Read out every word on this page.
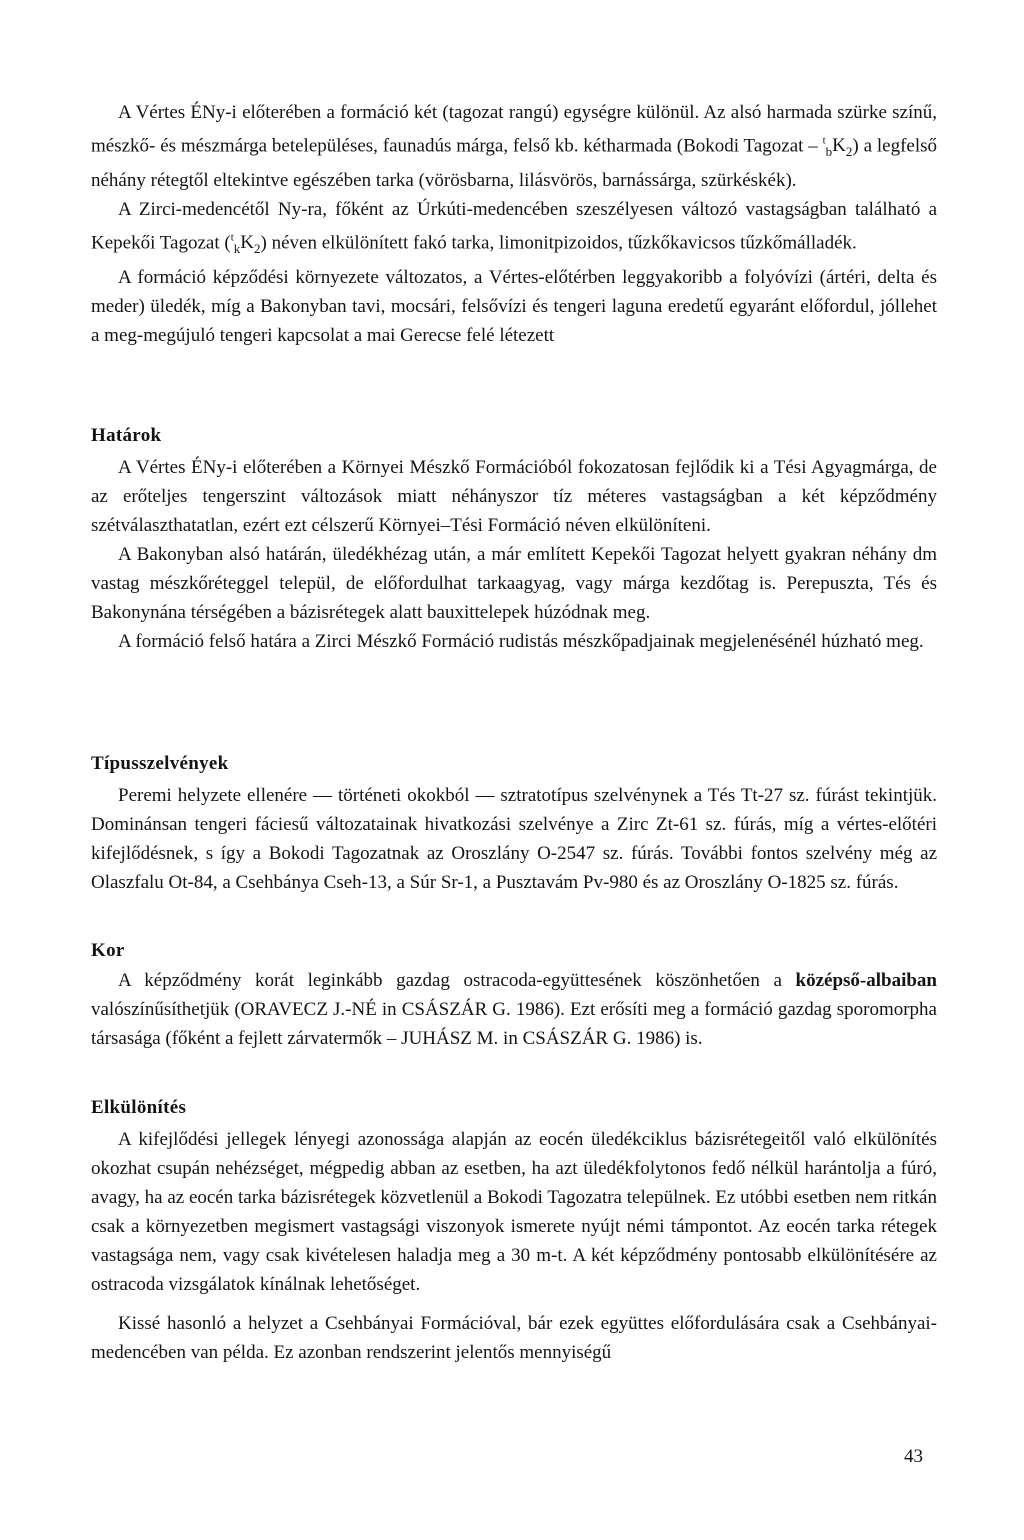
A Vértes ÉNy-i előterében a formáció két (tagozat rangú) egységre különül. Az alsó harmada szürke színű, mészkő- és mészmárga betelepüléses, faunadús márga, felső kb. kétharmada (Bokodi Tagozat – $^t_bK_2$) a legfelső néhány rétegtől eltekintve egészében tarka (vörösbarna, lilásvörös, barnássárga, szürkéskék).

A Zirci-medencétől Ny-ra, főként az Úrkúti-medencében szeszélyesen változó vastagságban található a Kepekői Tagozat $(^t_kK_2)$ néven elkülönített fakó tarka, limonitpizoidos, tűzkőkavicsos tűzkőmálladék.

A formáció képződési környezete változatos, a Vértes-előtérben leggyakoribb a folyóvízi (ártéri, delta és meder) üledék, míg a Bakonyban tavi, mocsári, felsővízi és tengeri laguna eredetű egyaránt előfordul, jóllehet a meg-megújuló tengeri kapcsolat a mai Gerecse felé létezett

Határok

A Vértes ÉNy-i előterében a Környei Mészkő Formációból fokozatosan fejlődik ki a Tési Agyagmárga, de az erőteljes tengerszint változások miatt néhányszor tíz méteres vastagságban a két képződmény szétválaszthatatlan, ezért ezt célszerű Környei–Tési Formáció néven elkülöníteni.

A Bakonyban alsó határán, üledékhézag után, a már említett Kepekői Tagozat helyett gyakran néhány dm vastag mészkőréteggel települ, de előfordulhat tarkaagyag, vagy márga kezdőtag is. Perepuszta, Tés és Bakonynána térségében a bázisrétegek alatt bauxittelepek húzódnak meg.

A formáció felső határa a Zirci Mészkő Formáció rudistás mészkőpadjainak megjelenésénél húzható meg.

Típusszelvények

Peremi helyzete ellenére — történeti okokból — sztratotípus szelvénynek a Tés Tt-27 sz. fúrást tekintjük. Dominánsan tengeri fáciesű változatainak hivatkozási szelvénye a Zirc Zt-61 sz. fúrás, míg a vértes-előtéri kifejlődésnek, s így a Bokodi Tagozatnak az Oroszlány O-2547 sz. fúrás. További fontos szelvény még az Olaszfalu Ot-84, a Csehbánya Cseh-13, a Súr Sr-1, a Pusztavám Pv-980 és az Oroszlány O-1825 sz. fúrás.

Kor

A képződmény korát leginkább gazdag ostracoda-együttesének köszönhetően a középső-albaiban valószínűsíthetjük (ORAVECZ J.-NÉ in CSÁSZÁR G. 1986). Ezt erősíti meg a formáció gazdag sporomorpha társasága (főként a fejlett zárvatermők – JUHÁSZ M. in CSÁSZÁR G. 1986) is.

Elkülönítés

A kifejlődési jellegek lényegi azonossága alapján az eocén üledékciklus bázisrétegeitől való elkülönítés okozhat csupán nehézséget, mégpedig abban az esetben, ha azt üledékfolytonos fedő nélkül harántolja a fúró, avagy, ha az eocén tarka bázisrétegek közvetlenül a Bokodi Tagozatra települnek. Ez utóbbi esetben nem ritkán csak a környezetben megismert vastagsági viszonyok ismerete nyújt némi támpontot. Az eocén tarka rétegek vastagsága nem, vagy csak kivételesen haladja meg a 30 m-t. A két képződmény pontosabb elkülönítésére az ostracoda vizsgálatok kínálnak lehetőséget.

Kissé hasonló a helyzet a Csehbányai Formációval, bár ezek együttes előfordulására csak a Csehbányai-medencében van példa. Ez azonban rendszerint jelentős mennyiségű

43
